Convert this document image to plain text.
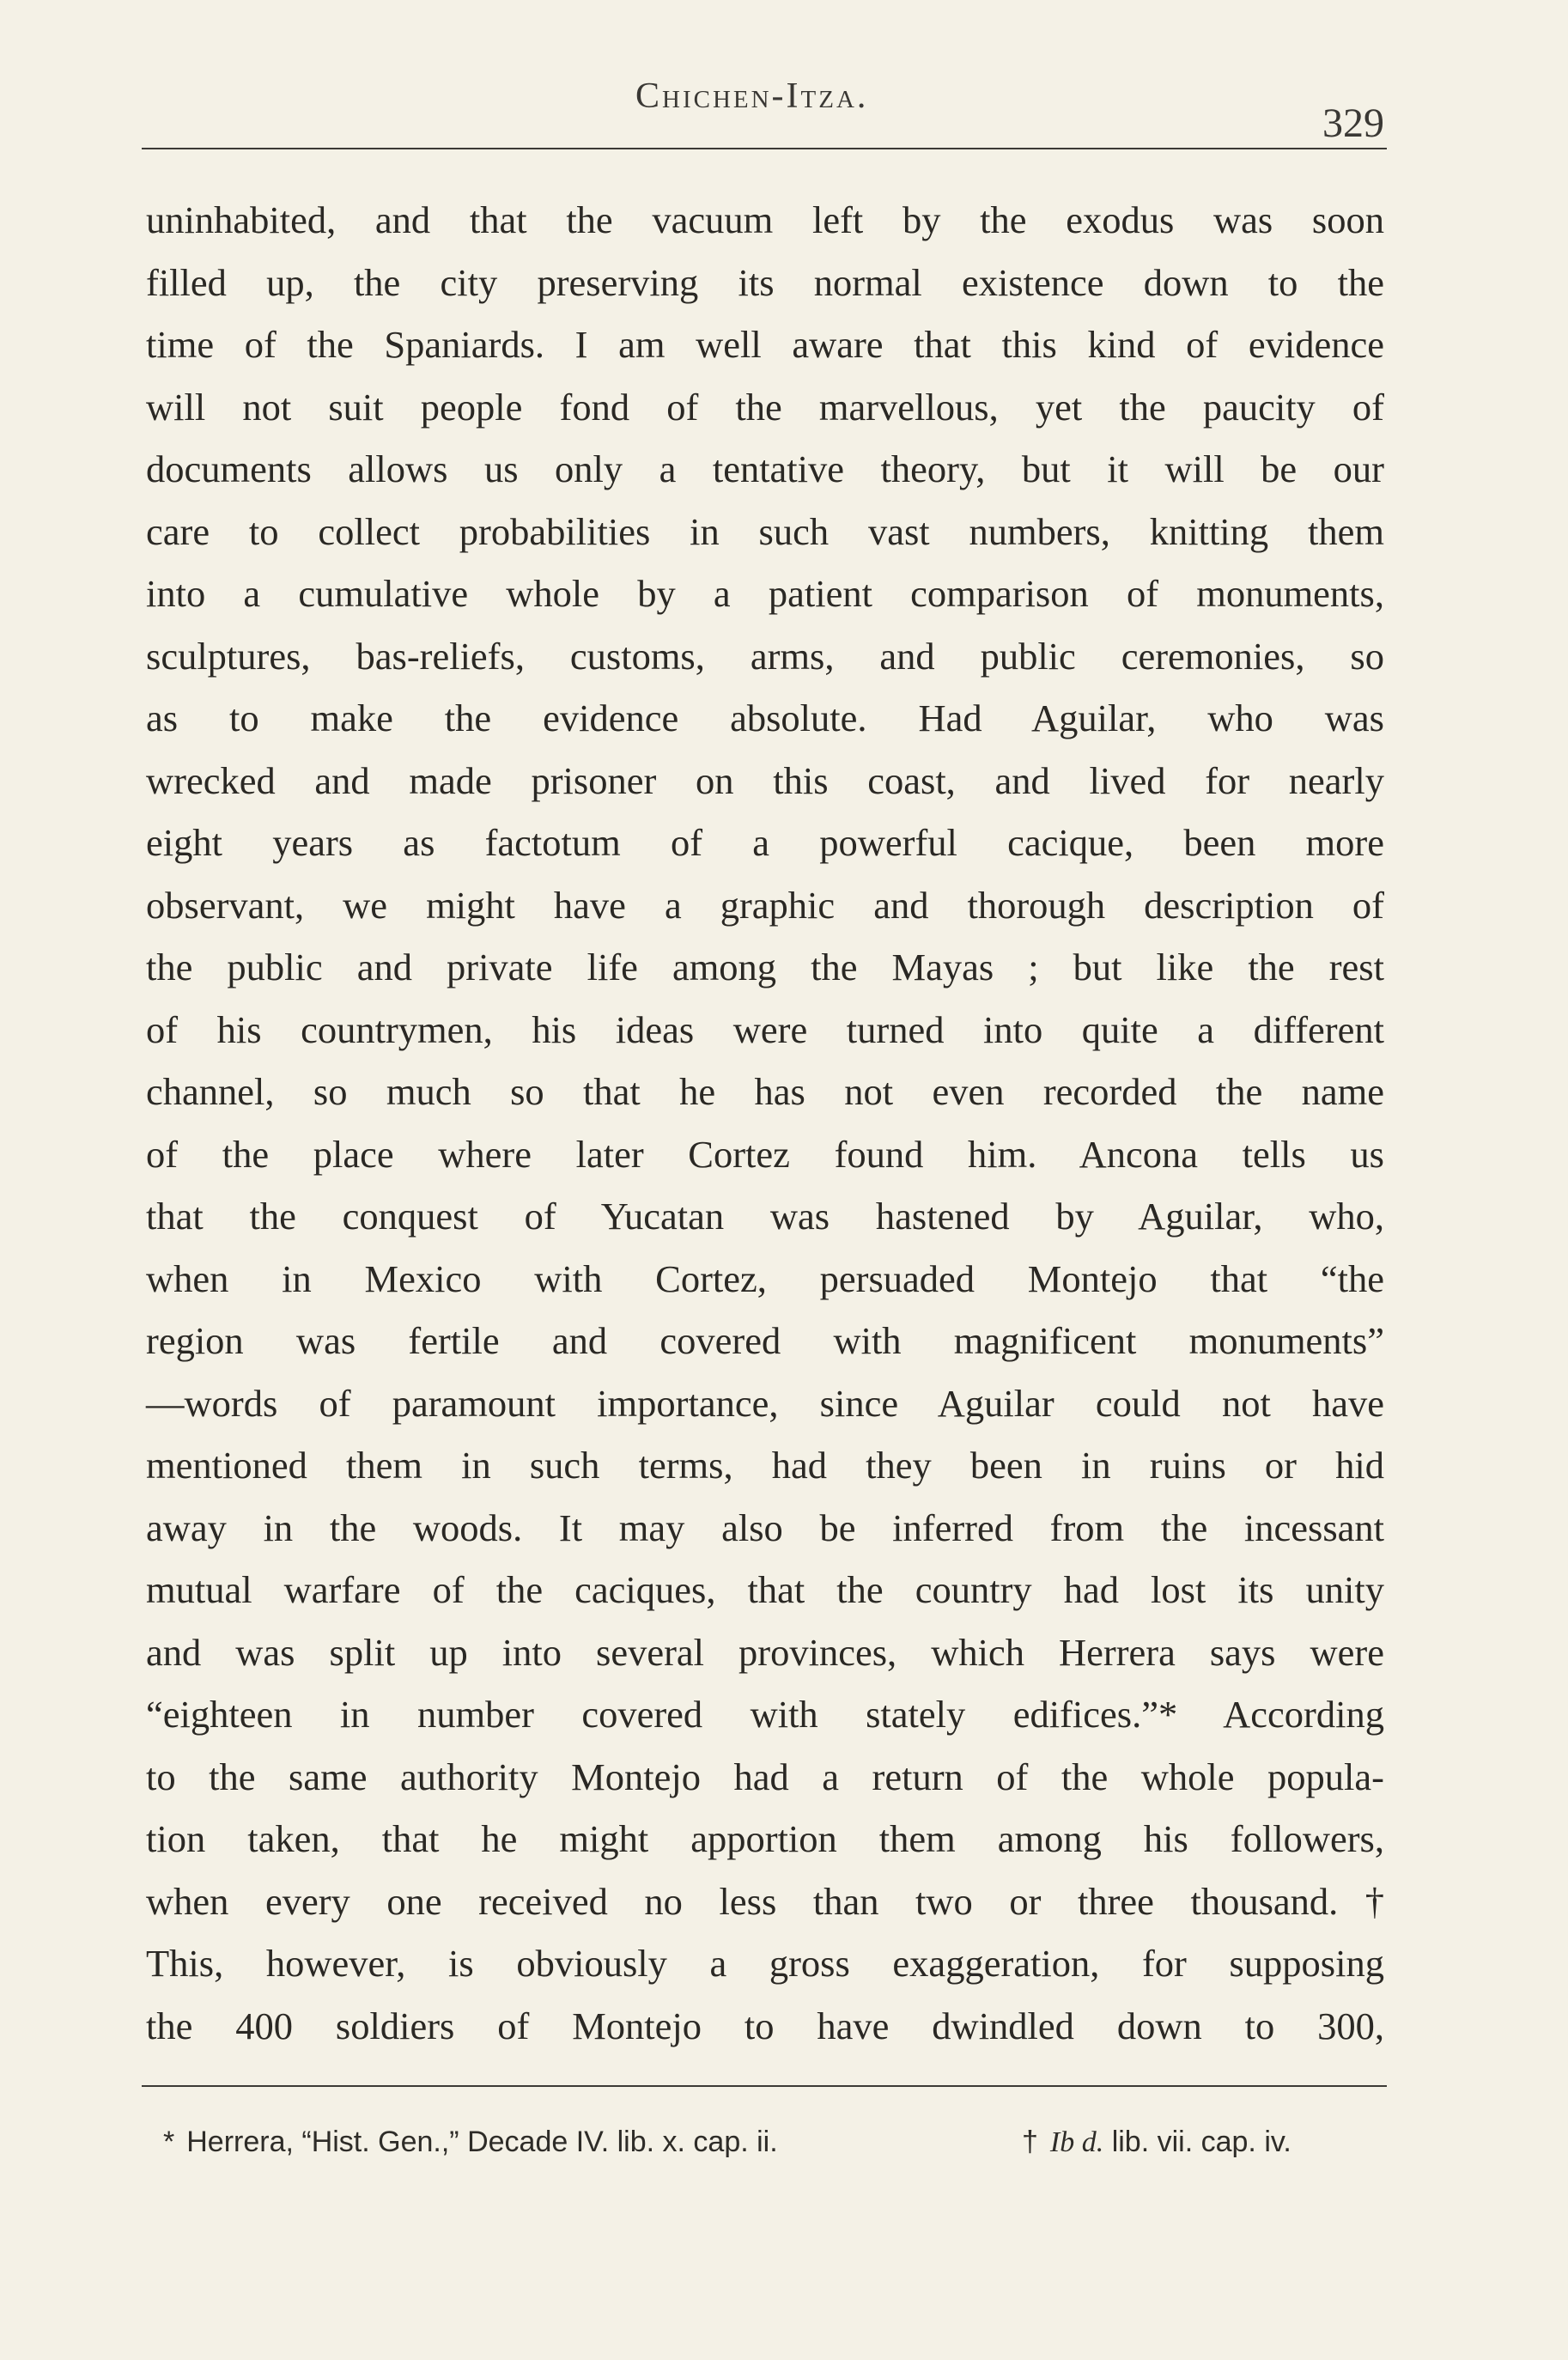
Chichen-Itza.
329
uninhabited, and that the vacuum left by the exodus was soon
filled up, the city preserving its normal existence down to the
time of the Spaniards. I am well aware that this kind of evidence
will not suit people fond of the marvellous, yet the paucity of
documents allows us only a tentative theory, but it will be our
care to collect probabilities in such vast numbers, knitting them
into a cumulative whole by a patient comparison of monuments,
sculptures, bas-reliefs, customs, arms, and public ceremonies, so
as to make the evidence absolute. Had Aguilar, who was
wrecked and made prisoner on this coast, and lived for nearly
eight years as factotum of a powerful cacique, been more
observant, we might have a graphic and thorough description of
the public and private life among the Mayas ; but like the rest
of his countrymen, his ideas were turned into quite a different
channel, so much so that he has not even recorded the name
of the place where later Cortez found him. Ancona tells us
that the conquest of Yucatan was hastened by Aguilar, who,
when in Mexico with Cortez, persuaded Montejo that “the
region was fertile and covered with magnificent monuments”
—words of paramount importance, since Aguilar could not have
mentioned them in such terms, had they been in ruins or hid
away in the woods. It may also be inferred from the incessant
mutual warfare of the caciques, that the country had lost its unity
and was split up into several provinces, which Herrera says were
“eighteen in number covered with stately edifices.”* According
to the same authority Montejo had a return of the whole popula-
tion taken, that he might apportion them among his followers,
when every one received no less than two or three thousand.†
This, however, is obviously a gross exaggeration, for supposing
the 400 soldiers of Montejo to have dwindled down to 300,
* Herrera, “Hist. Gen.,” Decade IV. lib. x. cap. ii.	† Ib d. lib. vii. cap. iv.
